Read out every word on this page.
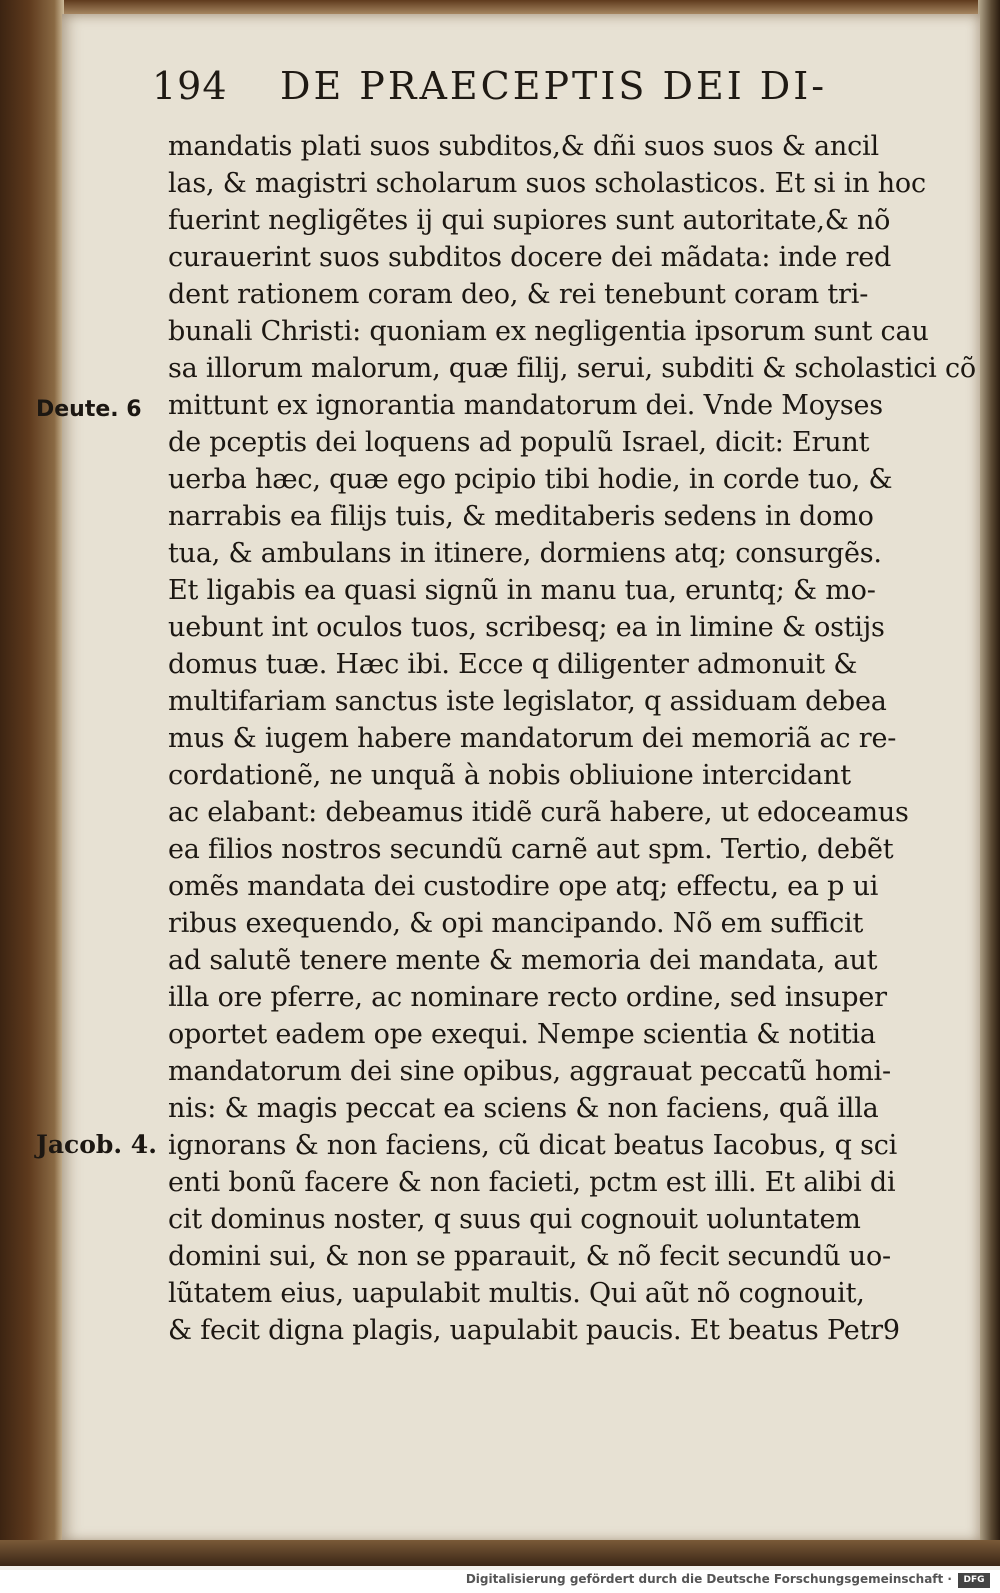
194 DE PRAECEPTIS DEI DI-
Deute. 6
Jacob. 4.
mandatis plati suos subditos,& dñi suos suos & ancil
las, & magistri scholarum suos scholasticos. Et si in hoc
fuerint negligẽtes ij qui supiores sunt autoritate,& nõ
curauerint suos subditos docere dei mãdata: inde red
dent rationem coram deo, & rei tenebunt coram tri-
bunali Christi: quoniam ex negligentia ipsorum sunt cau
sa illorum malorum, quæ filij, serui, subditi & scholastici cõ
mittunt ex ignorantia mandatorum dei. Vnde Moyses
de pceptis dei loquens ad populũ Israel, dicit: Erunt
uerba hæc, quæ ego pcipio tibi hodie, in corde tuo, &
narrabis ea filijs tuis, & meditaberis sedens in domo
tua, & ambulans in itinere, dormiens atq; consurgẽs.
Et ligabis ea quasi signũ in manu tua, eruntq; & mo-
uebunt int oculos tuos, scribesq; ea in limine & ostijs
domus tuæ. Hæc ibi. Ecce q diligenter admonuit &
multifariam sanctus iste legislator, q assiduam debea
mus & iugem habere mandatorum dei memoriã ac re-
cordationẽ, ne unquã à nobis obliuione intercidant
ac elabant: debeamus itidẽ curã habere, ut edoceamus
ea filios nostros secundũ carnẽ aut spm. Tertio, debẽt
omẽs mandata dei custodire ope atq; effectu, ea p ui
ribus exequendo, & opi mancipando. Nõ em sufficit
ad salutẽ tenere mente & memoria dei mandata, aut
illa ore pferre, ac nominare recto ordine, sed insuper
oportet eadem ope exequi. Nempe scientia & notitia
mandatorum dei sine opibus, aggrauat peccatũ homi-
nis: & magis peccat ea sciens & non faciens, quã illa
ignorans & non faciens, cũ dicat beatus Iacobus, q sci
enti bonũ facere & non facieti, pctm est illi. Et alibi di
cit dominus noster, q suus qui cognouit uoluntatem
domini sui, & non se pparauit, & nõ fecit secundũ uo-
lũtatem eius, uapulabit multis. Qui aũt nõ cognouit,
& fecit digna plagis, uapulabit paucis. Et beatus Petr9
Digitalisierung gefördert durch die Deutsche Forschungsgemeinschaft ·	DFG
